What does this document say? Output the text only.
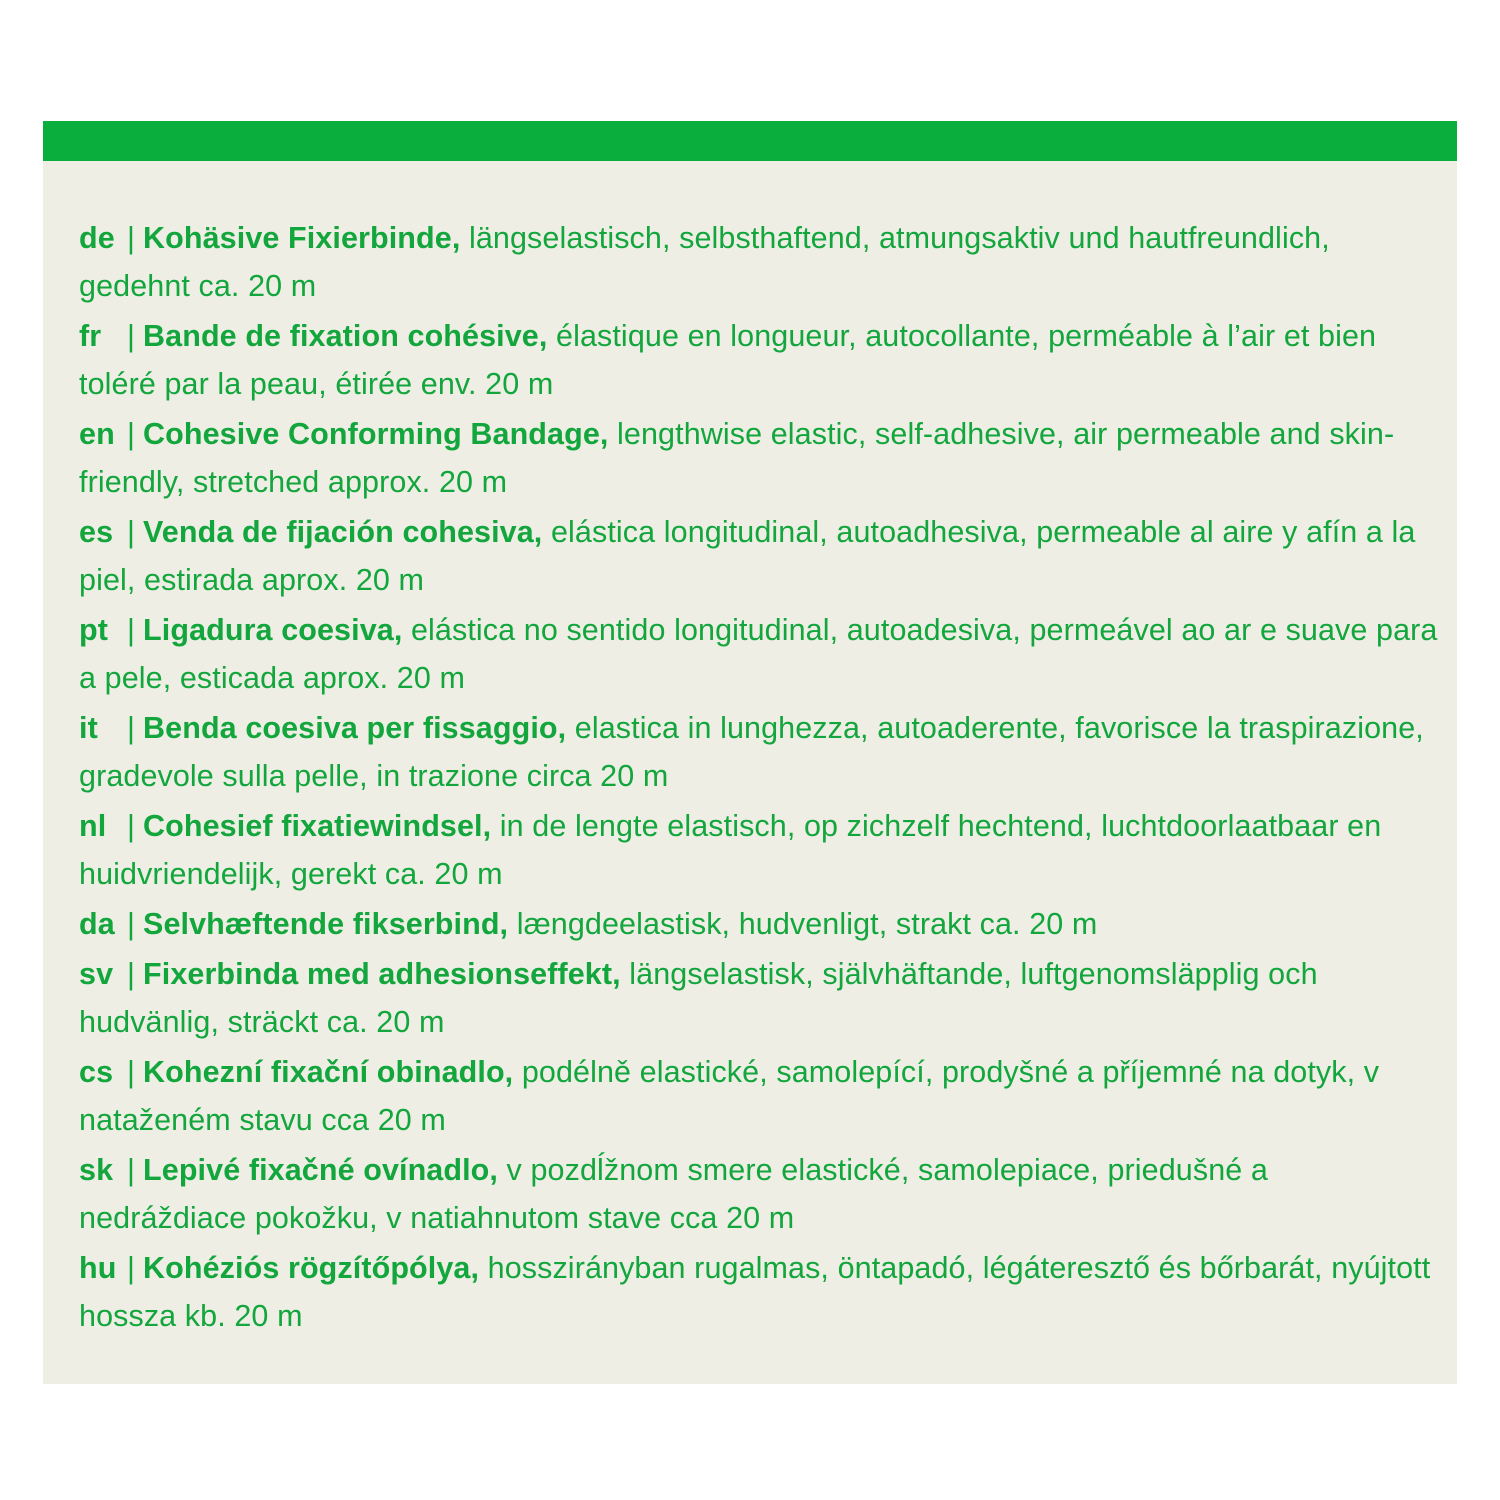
de | Kohäsive Fixierbinde, längselastisch, selbsthaftend, atmungsaktiv und hautfreundlich, gedehnt ca. 20 m

fr | Bande de fixation cohésive, élastique en longueur, autocollante, perméable à l’air et bien toléré par la peau, étirée env. 20 m

en | Cohesive Conforming Bandage, lengthwise elastic, self-adhesive, air permeable and skin-friendly, stretched approx. 20 m

es | Venda de fijación cohesiva, elástica longitudinal, autoadhesiva, permeable al aire y afín a la piel, estirada aprox. 20 m

pt | Ligadura coesiva, elástica no sentido longitudinal, autoadesiva, permeável ao ar e suave para a pele, esticada aprox. 20 m

it | Benda coesiva per fissaggio, elastica in lunghezza, autoaderente, favorisce la traspirazione, gradevole sulla pelle, in trazione circa 20 m

nl | Cohesief fixatiewindsel, in de lengte elastisch, op zichzelf hechtend, luchtdoorlaatbaar en huidvriendelijk, gerekt ca. 20 m

da | Selvhæftende fikserbind, længdeelastisk, hudvenligt, strakt ca. 20 m

sv | Fixerbinda med adhesionseffekt, längselastisk, självhäftande, luftgenomsläpplig och hudvänlig, sträckt ca. 20 m

cs | Kohezní fixační obinadlo, podélně elastické, samolepící, prodyšné a příjemné na dotyk, v nataženém stavu cca 20 m

sk | Lepivé fixačné ovínadlo, v pozdĺžnom smere elastické, samolepiace, priedušné a nedráždiace pokožku, v natiahnutom stave cca 20 m

hu | Kohéziós rögzítőpólya, hosszirányban rugalmas, öntapadó, légáteresztő és bőrbarát, nyújtott hossza kb. 20 m
